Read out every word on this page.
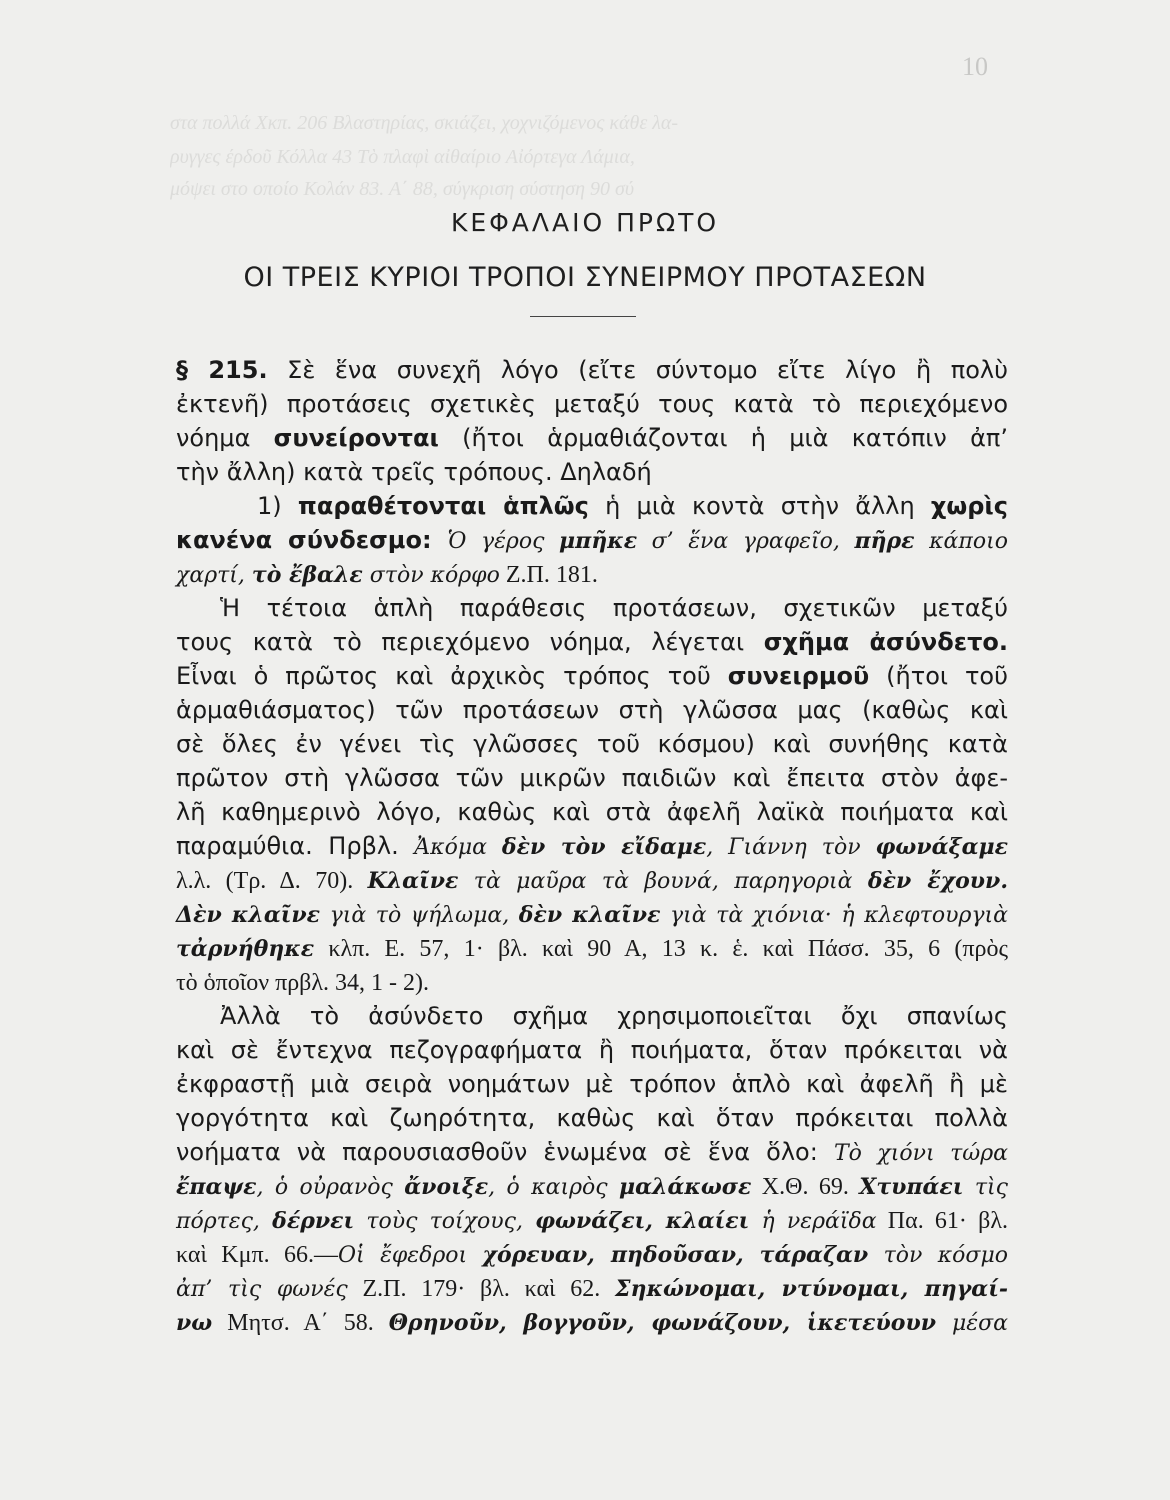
10
στα πολλά Χκπ. 206 Βλαστηρίας, σκιάζει, χοχνιζόμενος κάθε λα-
ρυγγες έρδοῦ Κόλλα 43 Τὸ πλαφὶ αἰθαίριο Αἰόρτεγα Λάμια,
μόψει στο οποίο Κολάν 83. Α΄ 88, σύγκριση σύστηση 90 σύ
ΚΕΦΑΛΑΙΟ ΠΡΩΤΟ
ΟΙ ΤΡΕΙΣ ΚΥΡΙΟΙ ΤΡΟΠΟΙ ΣΥΝΕΙΡΜΟΥ ΠΡΟΤΑΣΕΩΝ
§ 215. Σὲ ἕνα συνεχῆ λόγο (εἴτε σύντομο εἴτε λίγο ἢ πολὺ
ἐκτενῆ) προτάσεις σχετικὲς μεταξύ τους κατὰ τὸ περιεχόμενο
νόημα συνείρονται (ἤτοι ἁρμαθιάζονται ἡ μιὰ κατόπιν ἀπ’
τὴν ἄλλη) κατὰ τρεῖς τρόπους. Δηλαδή
1) παραθέτονται ἁπλῶς ἡ μιὰ κοντὰ στὴν ἄλλη χωρὶς
κανένα σύνδεσμο: Ὁ γέρος μπῆκε σ’ ἕνα γραφεῖο, πῆρε κάποιο
χαρτί, τὸ ἔβαλε στὸν κόρφο Ζ.Π. 181.
Ἡ τέτοια ἁπλὴ παράθεσις προτάσεων, σχετικῶν μεταξύ
τους κατὰ τὸ περιεχόμενο νόημα, λέγεται σχῆμα ἀσύνδετο.
Εἶναι ὁ πρῶτος καὶ ἀρχικὸς τρόπος τοῦ συνειρμοῦ (ἤτοι τοῦ
ἁρμαθιάσματος) τῶν προτάσεων στὴ γλῶσσα μας (καθὼς καὶ
σὲ ὅλες ἐν γένει τὶς γλῶσσες τοῦ κόσμου) καὶ συνήθης κατὰ
πρῶτον στὴ γλῶσσα τῶν μικρῶν παιδιῶν καὶ ἔπειτα στὸν ἀφε-
λῆ καθημερινὸ λόγο, καθὼς καὶ στὰ ἀφελῆ λαϊκὰ ποιήματα καὶ
παραμύθια. Πρβλ. Ἀκόμα δὲν τὸν εἴδαμε, Γιάννη τὸν φωνάξαμε
λ.λ. (Τρ. Δ. 70). Κλαῖνε τὰ μαῦρα τὰ βουνά, παρηγοριὰ δὲν ἔχουν.
Δὲν κλαῖνε γιὰ τὸ ψήλωμα, δὲν κλαῖνε γιὰ τὰ χιόνια· ἡ κλεφτουργιὰ
τἀρνήθηκε κλπ. Ε. 57, 1· βλ. καὶ 90 Α, 13 κ. ἑ. καὶ Πάσσ. 35, 6 (πρὸς
τὸ ὁποῖον πρβλ. 34, 1 - 2).
Ἀλλὰ τὸ ἀσύνδετο σχῆμα χρησιμοποιεῖται ὄχι σπανίως
καὶ σὲ ἔντεχνα πεζογραφήματα ἢ ποιήματα, ὅταν πρόκειται νὰ
ἐκφραστῇ μιὰ σειρὰ νοημάτων μὲ τρόπον ἁπλὸ καὶ ἀφελῆ ἢ μὲ
γοργότητα καὶ ζωηρότητα, καθὼς καὶ ὅταν πρόκειται πολλὰ
νοήματα νὰ παρουσιασθοῦν ἑνωμένα σὲ ἕνα ὅλο: Τὸ χιόνι τώρα
ἔπαψε, ὁ οὐρανὸς ἄνοιξε, ὁ καιρὸς μαλάκωσε Χ.Θ. 69. Χτυπάει τὶς
πόρτες, δέρνει τοὺς τοίχους, φωνάζει, κλαίει ἡ νεράϊδα Πα. 61· βλ.
καὶ Κμπ. 66.—Οἱ ἔφεδροι χόρευαν, πηδοῦσαν, τάραζαν τὸν κόσμο
ἀπ’ τὶς φωνές Ζ.Π. 179· βλ. καὶ 62. Σηκώνομαι, ντύνομαι, πηγαί-
νω Μητσ. Α΄ 58. Θρηνοῦν, βογγοῦν, φωνάζουν, ἱκετεύουν μέσα
